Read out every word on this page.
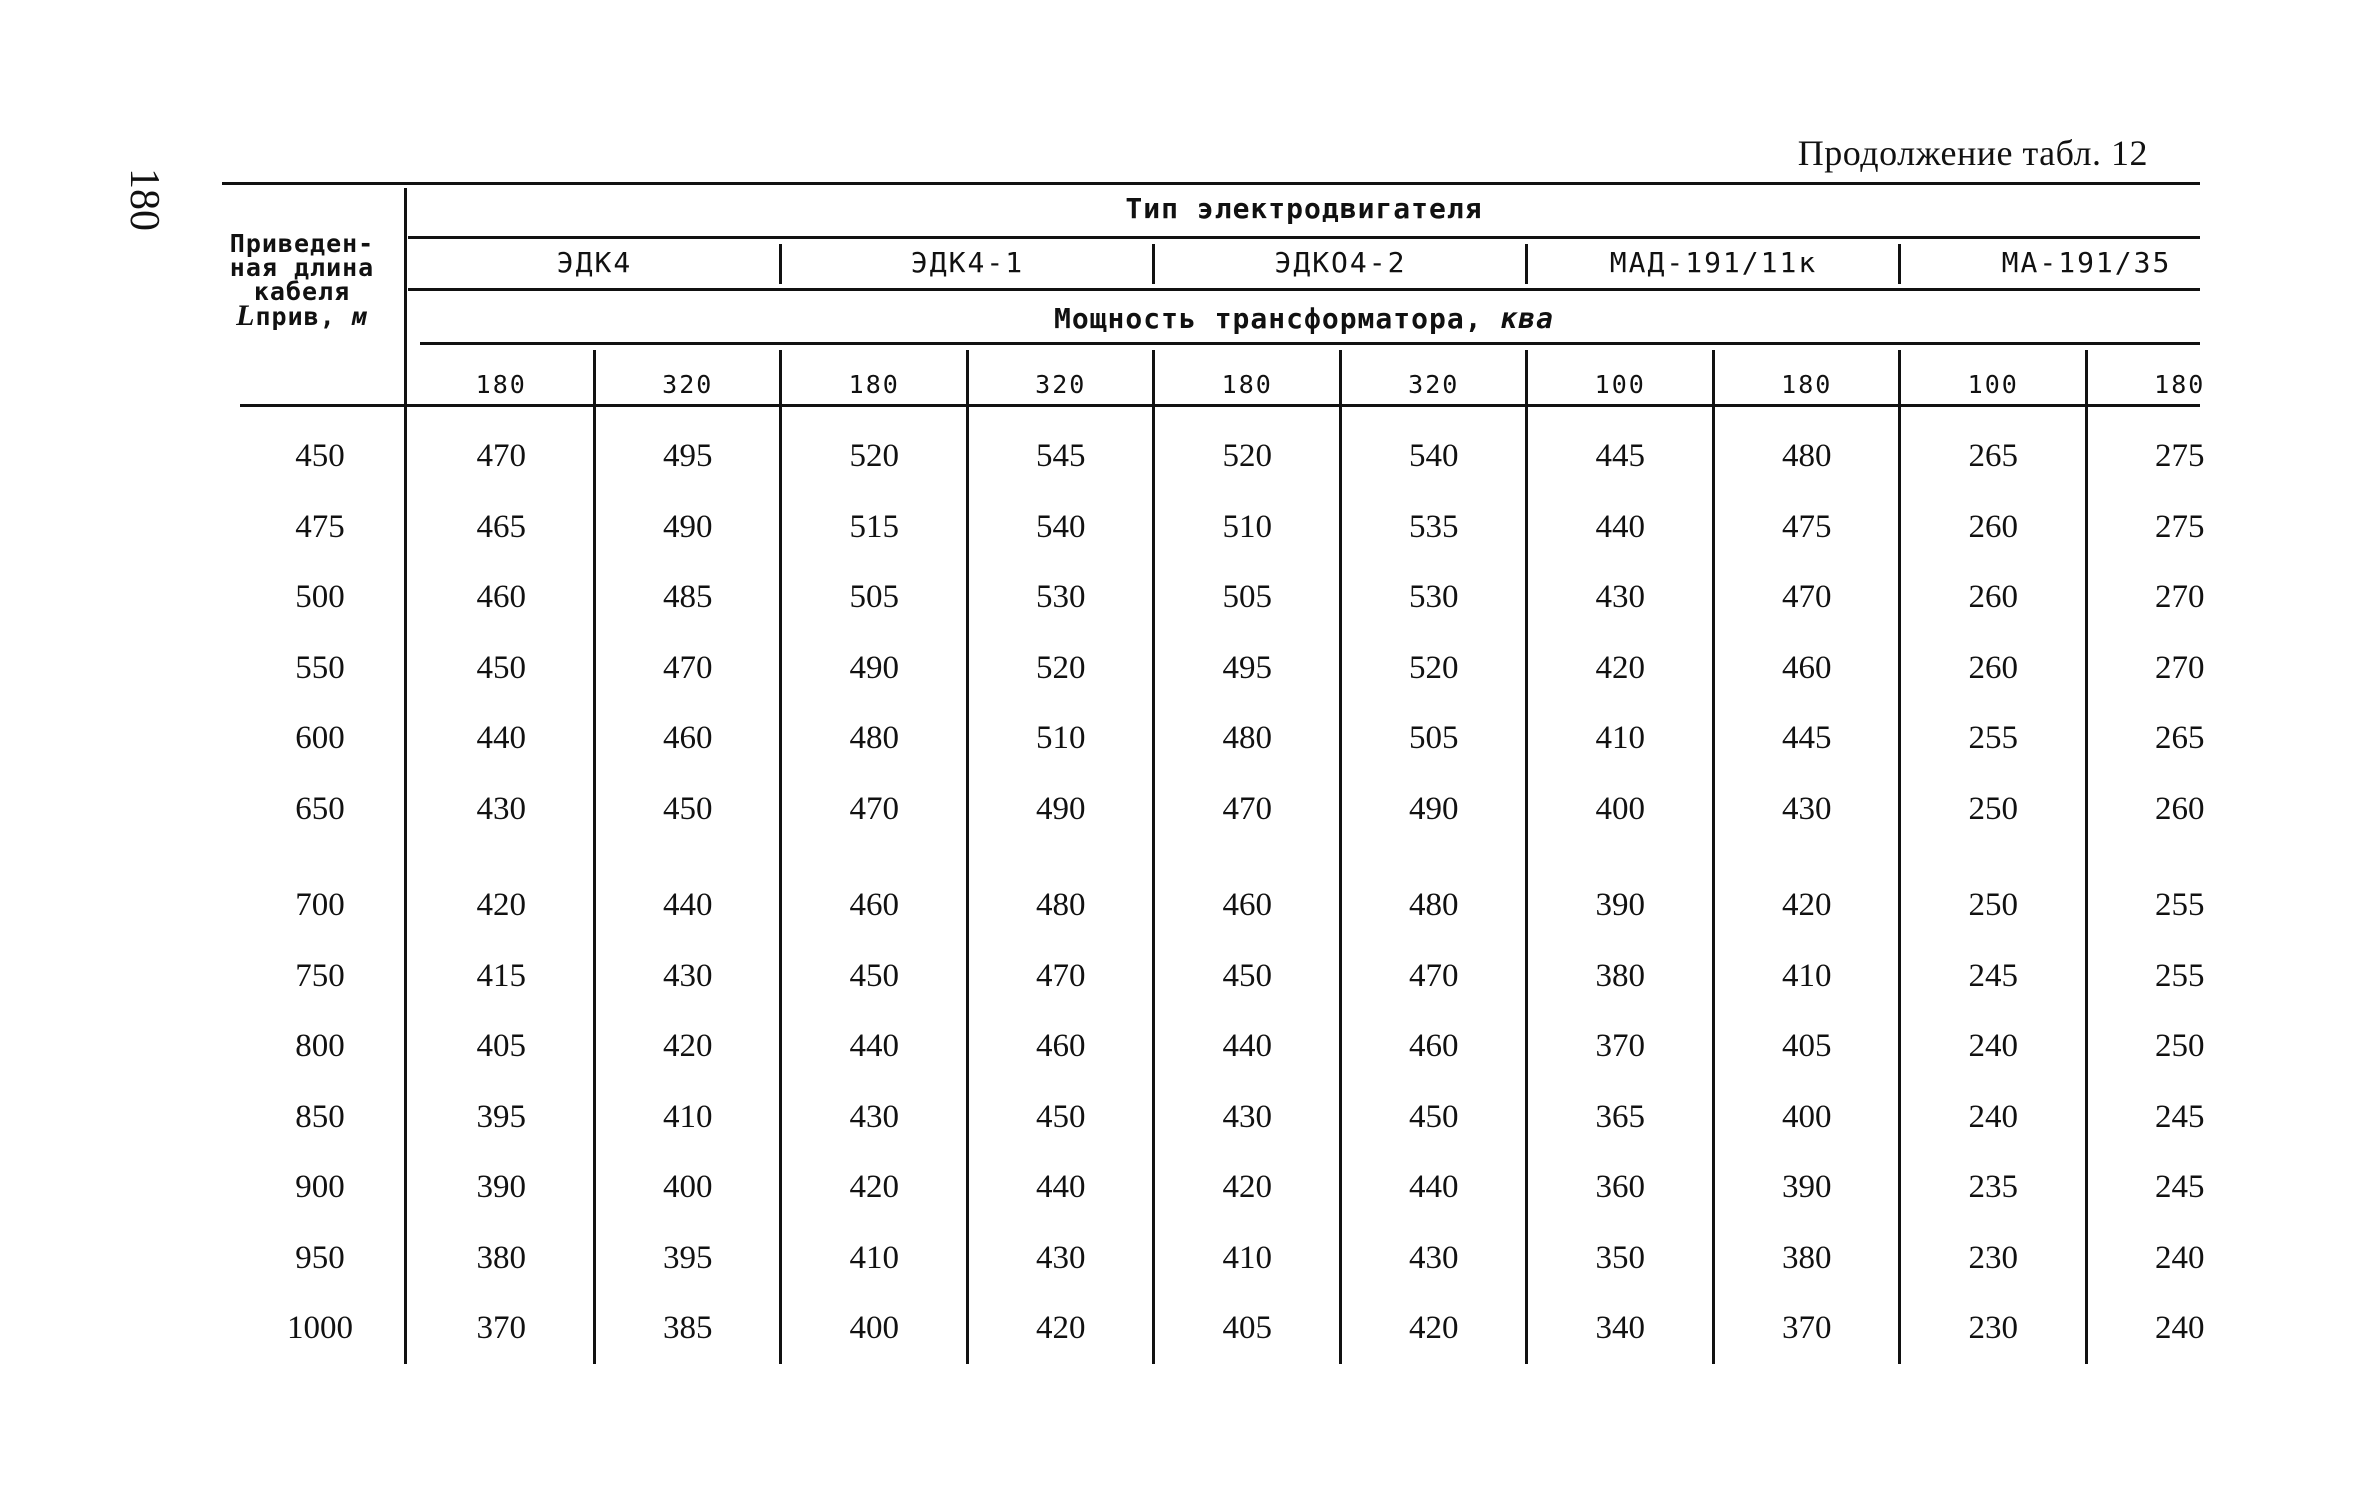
180
Продолжение табл. 12
Приведен-
ная длина
кабеля
Lприв, м
Тип электродвигателя
Мощность трансформатора, ква
ЭДК4	ЭДК4-1	ЭДКО4-2	МАД-191/11к	МА-191/35
180	320	180	320	180	320	100	180	100	180
450	470	495	520	545	520	540	445	480	265	275
475	465	490	515	540	510	535	440	475	260	275
500	460	485	505	530	505	530	430	470	260	270
550	450	470	490	520	495	520	420	460	260	270
600	440	460	480	510	480	505	410	445	255	265
650	430	450	470	490	470	490	400	430	250	260
700	420	440	460	480	460	480	390	420	250	255
750	415	430	450	470	450	470	380	410	245	255
800	405	420	440	460	440	460	370	405	240	250
850	395	410	430	450	430	450	365	400	240	245
900	390	400	420	440	420	440	360	390	235	245
950	380	395	410	430	410	430	350	380	230	240
1000	370	385	400	420	405	420	340	370	230	240
